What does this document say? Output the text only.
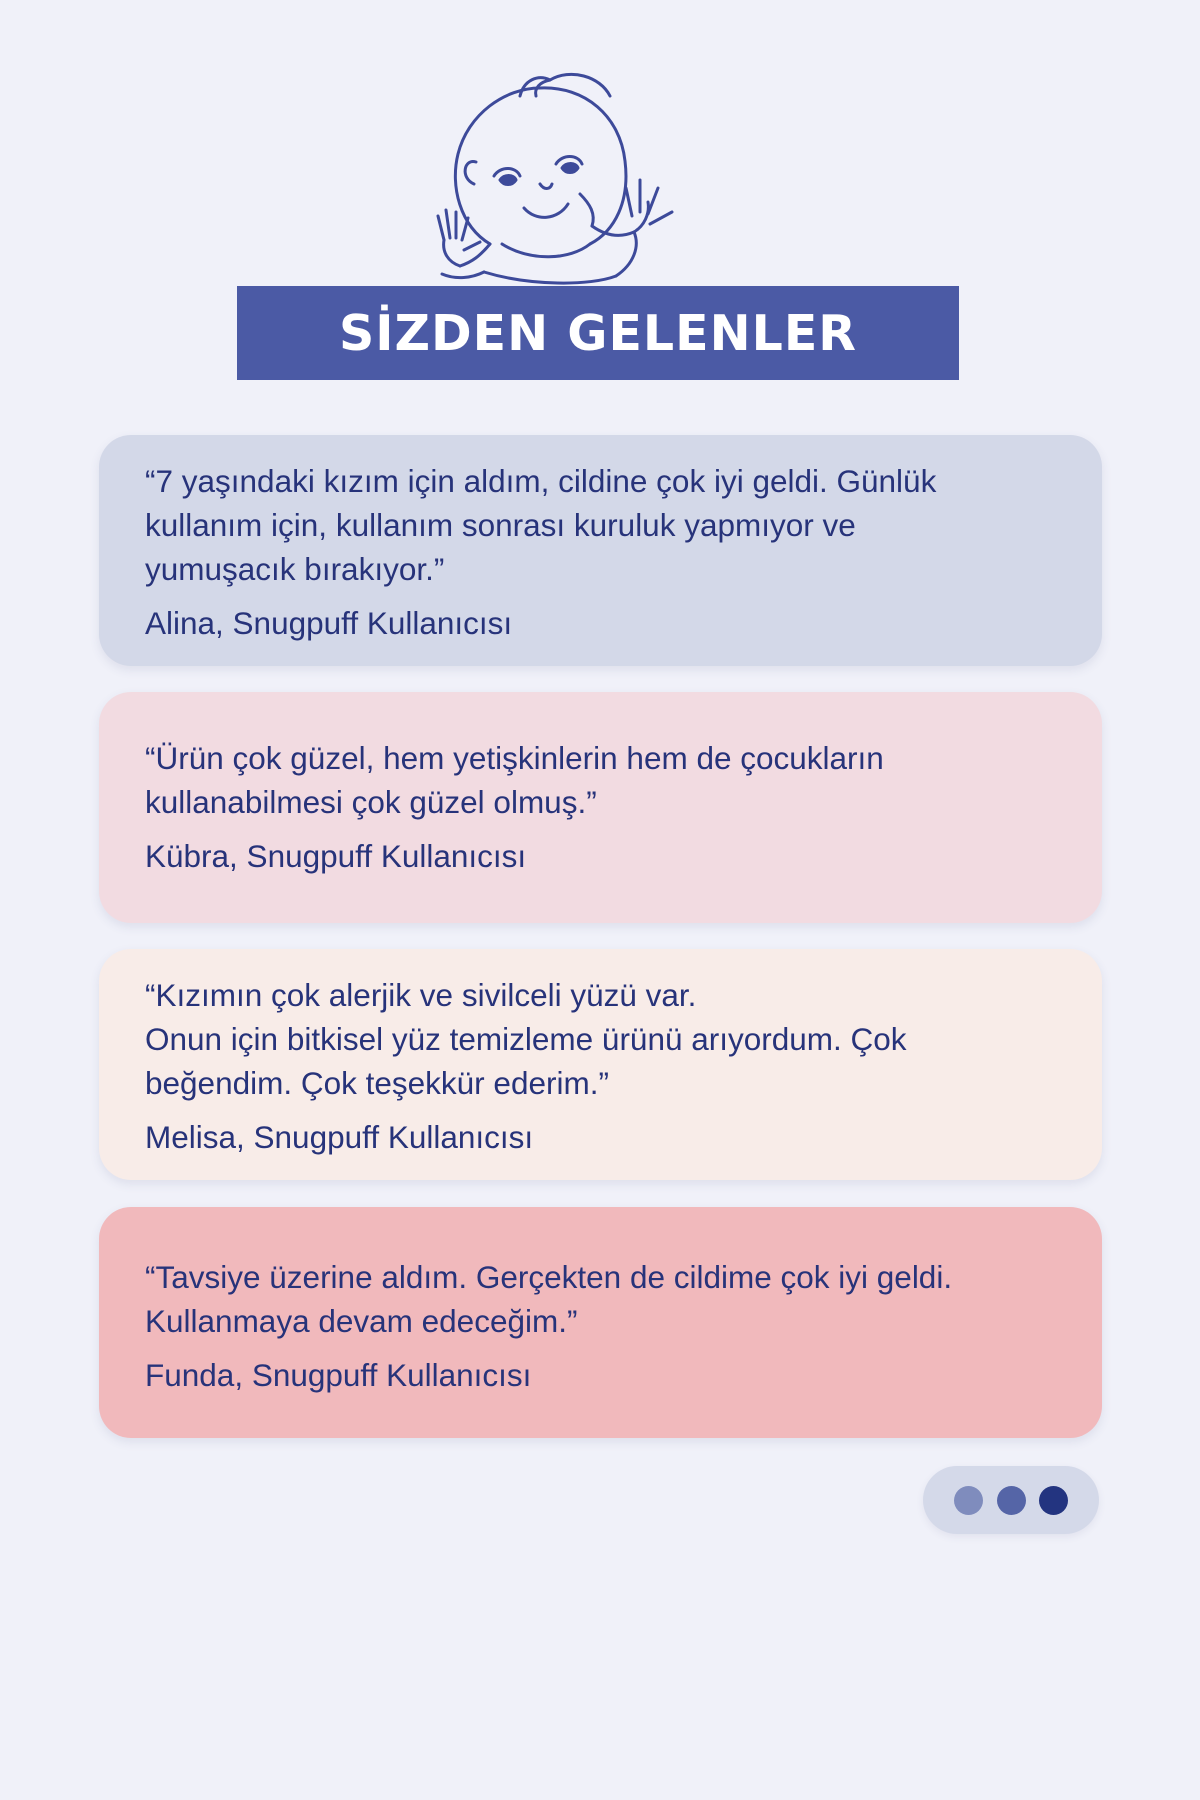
SİZDEN GELENLER

“7 yaşındaki kızım için aldım, cildine çok iyi geldi. Günlük
kullanım için, kullanım sonrası kuruluk yapmıyor ve
yumuşacık bırakıyor.”

Alina, Snugpuff Kullanıcısı

“Ürün çok güzel, hem yetişkinlerin hem de çocukların
kullanabilmesi çok güzel olmuş.”

Kübra, Snugpuff Kullanıcısı

“Kızımın çok alerjik ve sivilceli yüzü var.
Onun için bitkisel yüz temizleme ürünü arıyordum. Çok
beğendim. Çok teşekkür ederim.”

Melisa, Snugpuff Kullanıcısı

“Tavsiye üzerine aldım. Gerçekten de cildime çok iyi geldi.
Kullanmaya devam edeceğim.”

Funda, Snugpuff Kullanıcısı
